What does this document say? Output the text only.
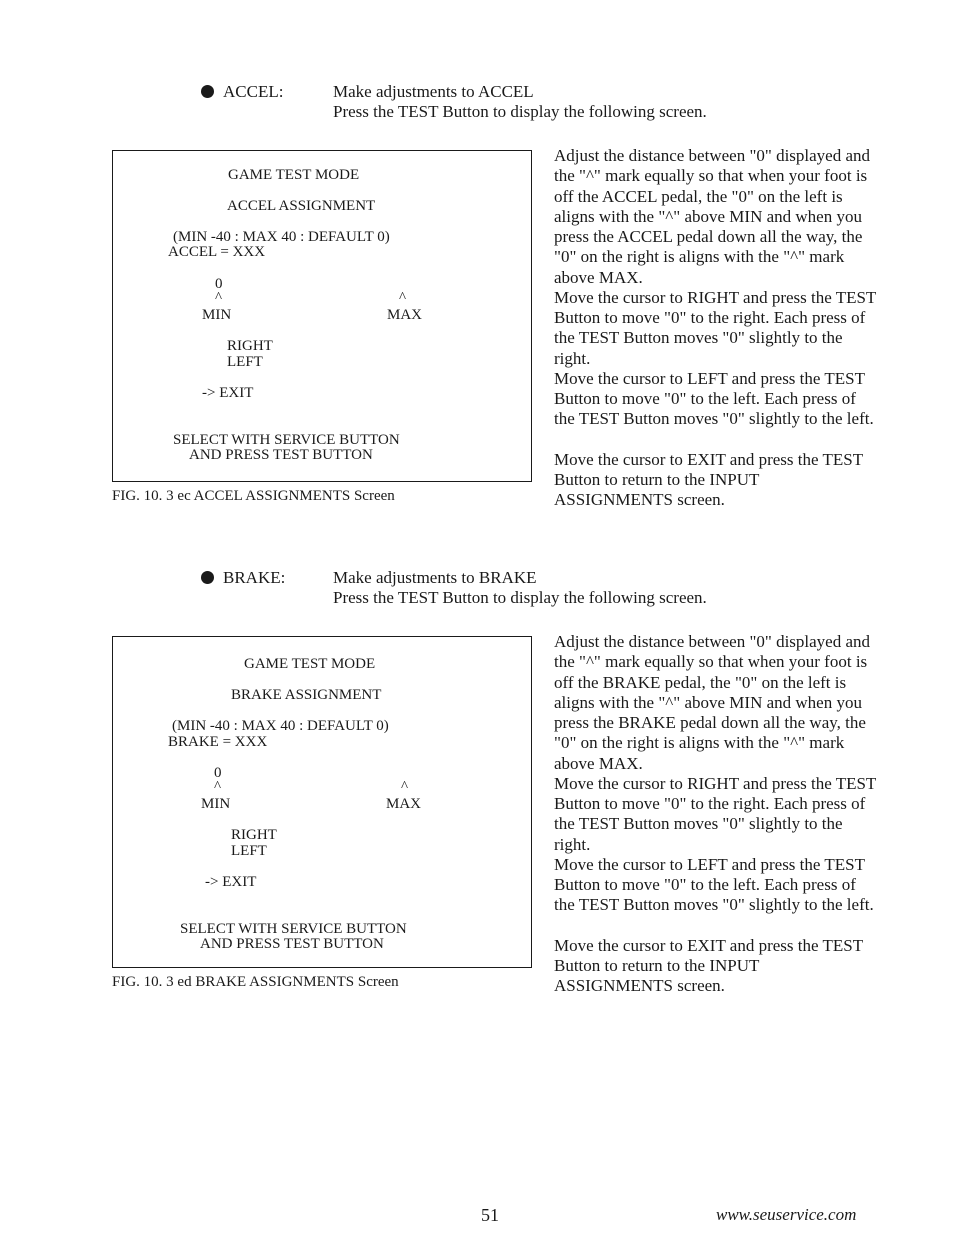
ACCEL:	Make adjustments to ACCEL
Press the TEST Button to display the following screen.
GAME TEST MODE
ACCEL ASSIGNMENT
(MIN -40 : MAX 40 : DEFAULT 0)
ACCEL = XXX
0
^	^
MIN	MAX
RIGHT
LEFT
-> EXIT
SELECT WITH SERVICE BUTTON
AND PRESS TEST BUTTON
FIG. 10. 3 ec ACCEL ASSIGNMENTS Screen

Adjust the distance between "0" displayed and the "^" mark equally so that when your foot is off the ACCEL pedal, the "0" on the left is aligns with the "^" above MIN and when you press the ACCEL pedal down all the way, the "0" on the right is aligns with the "^" mark above MAX.

Move the cursor to RIGHT and press the TEST Button to move "0" to the right. Each press of the TEST Button moves "0" slightly to the right.

Move the cursor to LEFT and press the TEST Button to move "0" to the left. Each press of the TEST Button moves "0" slightly to the left.

Move the cursor to EXIT and press the TEST Button to return to the INPUT ASSIGNMENTS screen.

BRAKE:	Make adjustments to BRAKE
Press the TEST Button to display the following screen.
GAME TEST MODE
BRAKE ASSIGNMENT
(MIN -40 : MAX 40 : DEFAULT 0)
BRAKE = XXX
0
^	^
MIN	MAX
RIGHT
LEFT
-> EXIT
SELECT WITH SERVICE BUTTON
AND PRESS TEST BUTTON
FIG. 10. 3 ed BRAKE ASSIGNMENTS Screen

Adjust the distance between "0" displayed and the "^" mark equally so that when your foot is off the BRAKE pedal, the "0" on the left is aligns with the "^" above MIN and when you press the BRAKE pedal down all the way, the "0" on the right is aligns with the "^" mark above MAX.

Move the cursor to RIGHT and press the TEST Button to move "0" to the right. Each press of the TEST Button moves "0" slightly to the right.

Move the cursor to LEFT and press the TEST Button to move "0" to the left. Each press of the TEST Button moves "0" slightly to the left.

Move the cursor to EXIT and press the TEST Button to return to the INPUT ASSIGNMENTS screen.

51	www.seuservice.com
